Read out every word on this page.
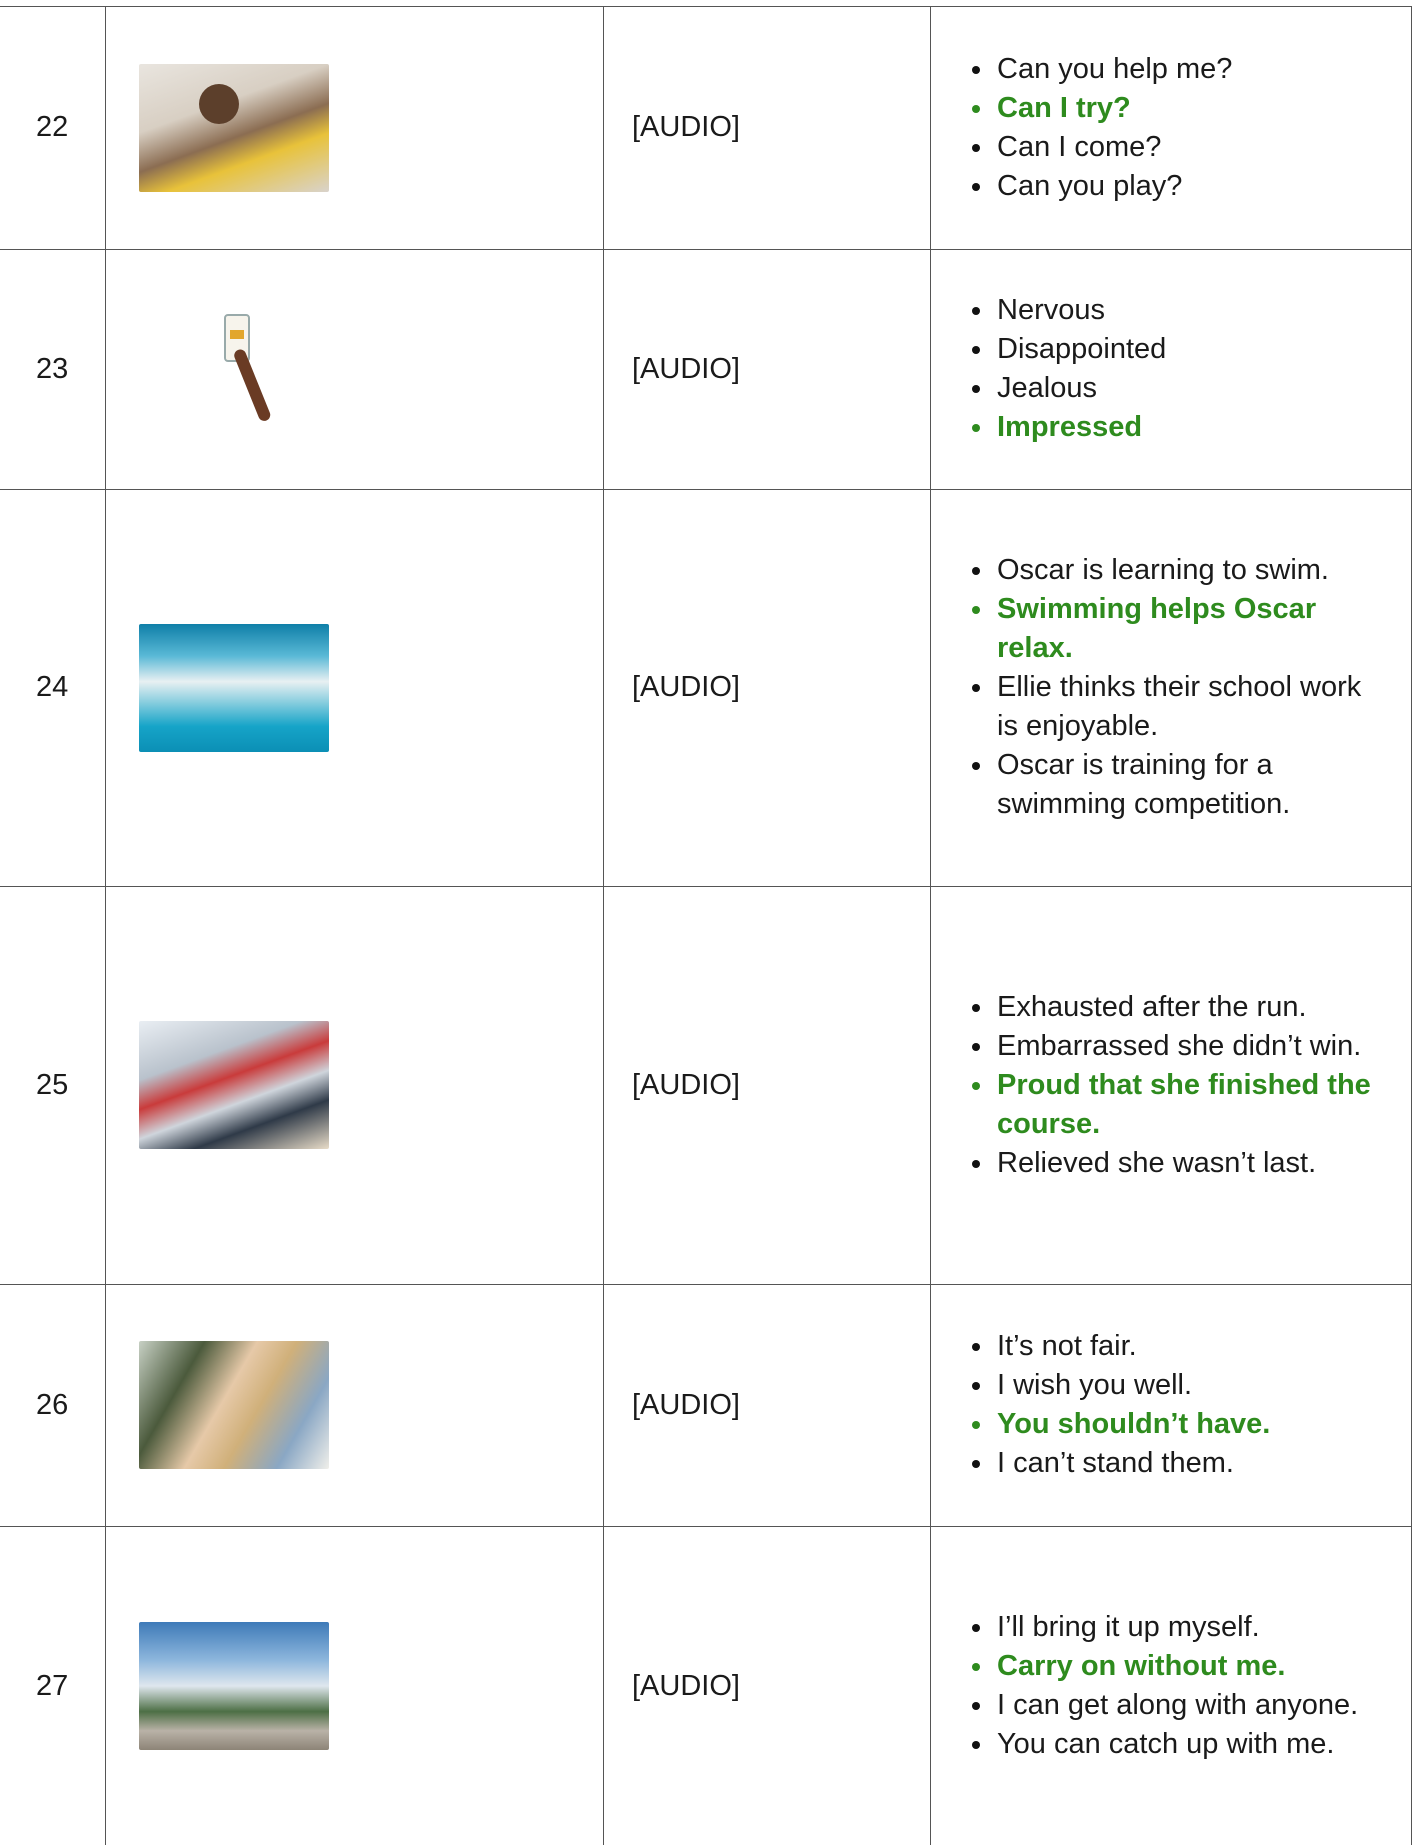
22	[AUDIO]
Can you help me?
Can I try?
Can I come?
Can you play?
23	[AUDIO]
Nervous
Disappointed
Jealous
Impressed
24	[AUDIO]
Oscar is learning to swim.
Swimming helps Oscar relax.
Ellie thinks their school work is enjoyable.
Oscar is training for a swimming competition.
25	[AUDIO]
Exhausted after the run.
Embarrassed she didn’t win.
Proud that she finished the course.
Relieved she wasn’t last.
26	[AUDIO]
It’s not fair.
I wish you well.
You shouldn’t have.
I can’t stand them.
27	[AUDIO]
I’ll bring it up myself.
Carry on without me.
I can get along with anyone.
You can catch up with me.
